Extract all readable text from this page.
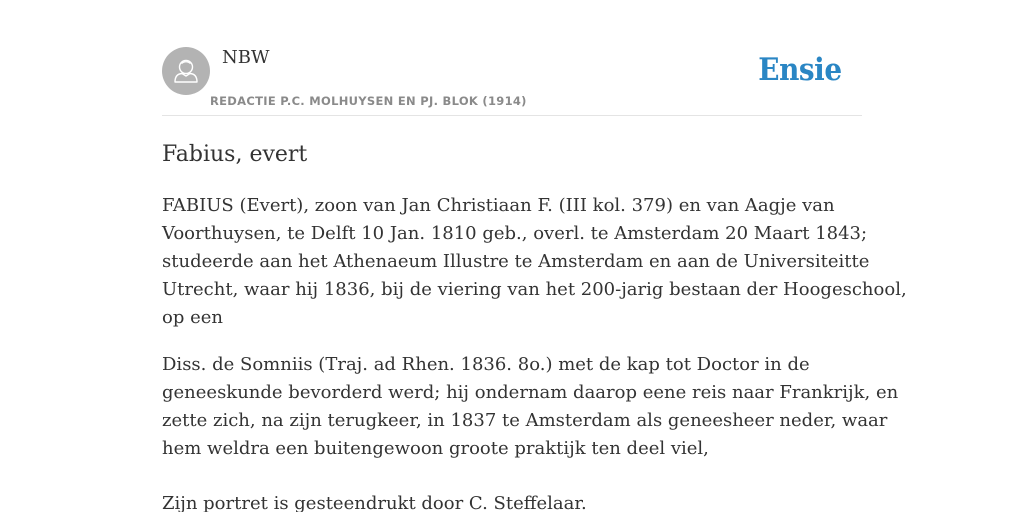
NBW
REDACTIE P.C. MOLHUYSEN EN PJ. BLOK (1914)
Ensie
Fabius, evert

FABIUS (Evert), zoon van Jan Christiaan F. (III kol. 379) en van Aagje van
Voorthuysen, te Delft 10 Jan. 1810 geb., overl. te Amsterdam 20 Maart 1843;
studeerde aan het Athenaeum Illustre te Amsterdam en aan de Universiteitte
Utrecht, waar hij 1836, bij de viering van het 200-jarig bestaan der Hoogeschool,
op een

Diss. de Somniis (Traj. ad Rhen. 1836. 8o.) met de kap tot Doctor in de
geneeskunde bevorderd werd; hij ondernam daarop eene reis naar Frankrijk, en
zette zich, na zijn terugkeer, in 1837 te Amsterdam als geneesheer neder, waar
hem weldra een buitengewoon groote praktijk ten deel viel,

Zijn portret is gesteendrukt door C. Steffelaar.
